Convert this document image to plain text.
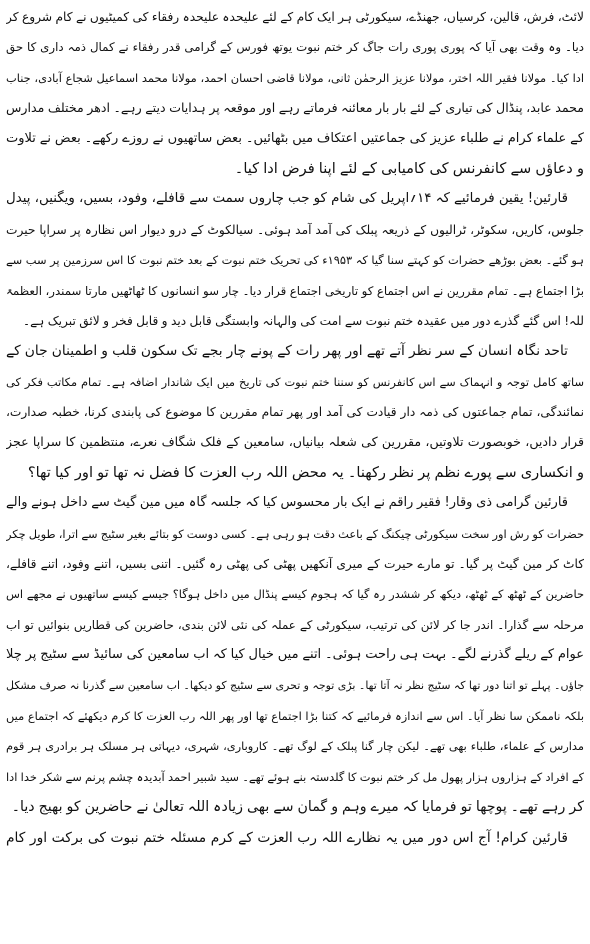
لائٹ، فرش، قالین، کرسیاں، جھنڈے، سیکورٹی ہر ایک کام کے لئے علیحدہ علیحدہ رفقاء کی کمیٹیوں نے کام شروع کر
دیا۔ وہ وقت بھی آیا کہ پوری پوری رات جاگ کر ختم نبوت یوتھ فورس کے گرامی قدر رفقاء نے کمال ذمہ داری کا حق
ادا کیا۔ مولانا فقیر اللہ اختر، مولانا عزیز الرحمٰن ثانی، مولانا قاضی احسان احمد، مولانا محمد اسماعیل شجاع آبادی، جناب
محمد عابد، پنڈال کی تیاری کے لئے بار بار معائنہ فرماتے رہے اور موقعہ پر ہدایات دیتے رہے۔ ادھر مختلف مدارس
کے علماء کرام نے طلباء عزیز کی جماعتیں اعتکاف میں بٹھائیں۔ بعض ساتھیوں نے روزے رکھے۔ بعض نے تلاوت
و دعاؤں سے کانفرنس کی کامیابی کے لئے اپنا فرض ادا کیا۔
قارئین! یقین فرمائیے کہ ۱۴؍اپریل کی شام کو جب چاروں سمت سے قافلے، وفود، بسیں، ویگنیں، پیدل
جلوس، کاریں، سکوٹر، ٹرالیوں کے ذریعہ پبلک کی آمد آمد ہوئی۔ سیالکوٹ کے درو دیوار اس نظارہ پر سراپا حیرت
ہو گئے۔ بعض بوڑھے حضرات کو کہتے سنا گیا کہ ۱۹۵۳ء کی تحریک ختم نبوت کے بعد ختم نبوت کا اس سرزمین پر سب سے
بڑا اجتماع ہے۔ تمام مقررین نے اس اجتماع کو تاریخی اجتماع قرار دیا۔ چار سو انسانوں کا ٹھاٹھیں مارتا سمندر، العظمۃ
للہ! اس گئے گذرے دور میں عقیدہ ختم نبوت سے امت کی والہانہ وابستگی قابل دید و قابل فخر و لائق تبریک ہے۔
تاحد نگاہ انسان کے سر نظر آتے تھے اور پھر رات کے پونے چار بجے تک سکون قلب و اطمینان جان کے
ساتھ کامل توجہ و انہماک سے اس کانفرنس کو سننا ختم نبوت کی تاریخ میں ایک شاندار اضافہ ہے۔ تمام مکاتب فکر کی
نمائندگی، تمام جماعتوں کی ذمہ دار قیادت کی آمد اور پھر تمام مقررین کا موضوع کی پابندی کرنا، خطبہ صدارت،
قرار دادیں، خوبصورت تلاوتیں، مقررین کی شعلہ بیانیاں، سامعین کے فلک شگاف نعرے، منتظمین کا سراپا عجز
و انکساری سے پورے نظم پر نظر رکھنا۔ یہ محض اللہ رب العزت کا فضل نہ تھا تو اور کیا تھا؟
قارئین گرامی ذی وقار! فقیر راقم نے ایک بار محسوس کیا کہ جلسہ گاہ میں مین گیٹ سے داخل ہونے والے
حضرات کو رش اور سخت سیکورٹی چیکنگ کے باعث دقت ہو رہی ہے۔ کسی دوست کو بتائے بغیر سٹیج سے اترا، طویل چکر
کاٹ کر مین گیٹ پر گیا۔ تو مارے حیرت کے میری آنکھیں پھٹی کی پھٹی رہ گئیں۔ اتنی بسیں، اتنے وفود، اتنے قافلے،
حاضرین کے ٹھٹھ کے ٹھٹھ، دیکھ کر ششدر رہ گیا کہ ہجوم کیسے پنڈال میں داخل ہوگا؟ جیسے کیسے ساتھیوں نے مجھے اس
مرحلہ سے گذارا۔ اندر جا کر لائن کی ترتیب، سیکورٹی کے عملہ کی نئی لائن بندی، حاضرین کی قطاریں بنوائیں تو اب
عوام کے ریلے گذرنے لگے۔ بہت ہی راحت ہوئی۔ اتنے میں خیال کیا کہ اب سامعین کی سائیڈ سے سٹیج پر چلا
جاؤں۔ پہلے تو اتنا دور تھا کہ سٹیج نظر نہ آتا تھا۔ بڑی توجہ و تحری سے سٹیج کو دیکھا۔ اب سامعین سے گذرنا نہ صرف مشکل
بلکہ ناممکن سا نظر آیا۔ اس سے اندازہ فرمائیے کہ کتنا بڑا اجتماع تھا اور پھر اللہ رب العزت کا کرم دیکھئے کہ اجتماع میں
مدارس کے علماء، طلباء بھی تھے۔ لیکن چار گنا پبلک کے لوگ تھے۔ کاروباری، شہری، دیہاتی ہر مسلک ہر برادری ہر قوم
کے افراد کے ہزاروں ہزار پھول مل کر ختم نبوت کا گلدستہ بنے ہوئے تھے۔ سید شبیر احمد آبدیدہ چشم پرنم سے شکر خدا ادا
کر رہے تھے۔ پوچھا تو فرمایا کہ میرے وہم و گمان سے بھی زیادہ اللہ تعالیٰ نے حاضرین کو بھیج دیا۔
قارئین کرام! آج اس دور میں یہ نظارے اللہ رب العزت کے کرم مسئلہ ختم نبوت کی برکت اور کام
